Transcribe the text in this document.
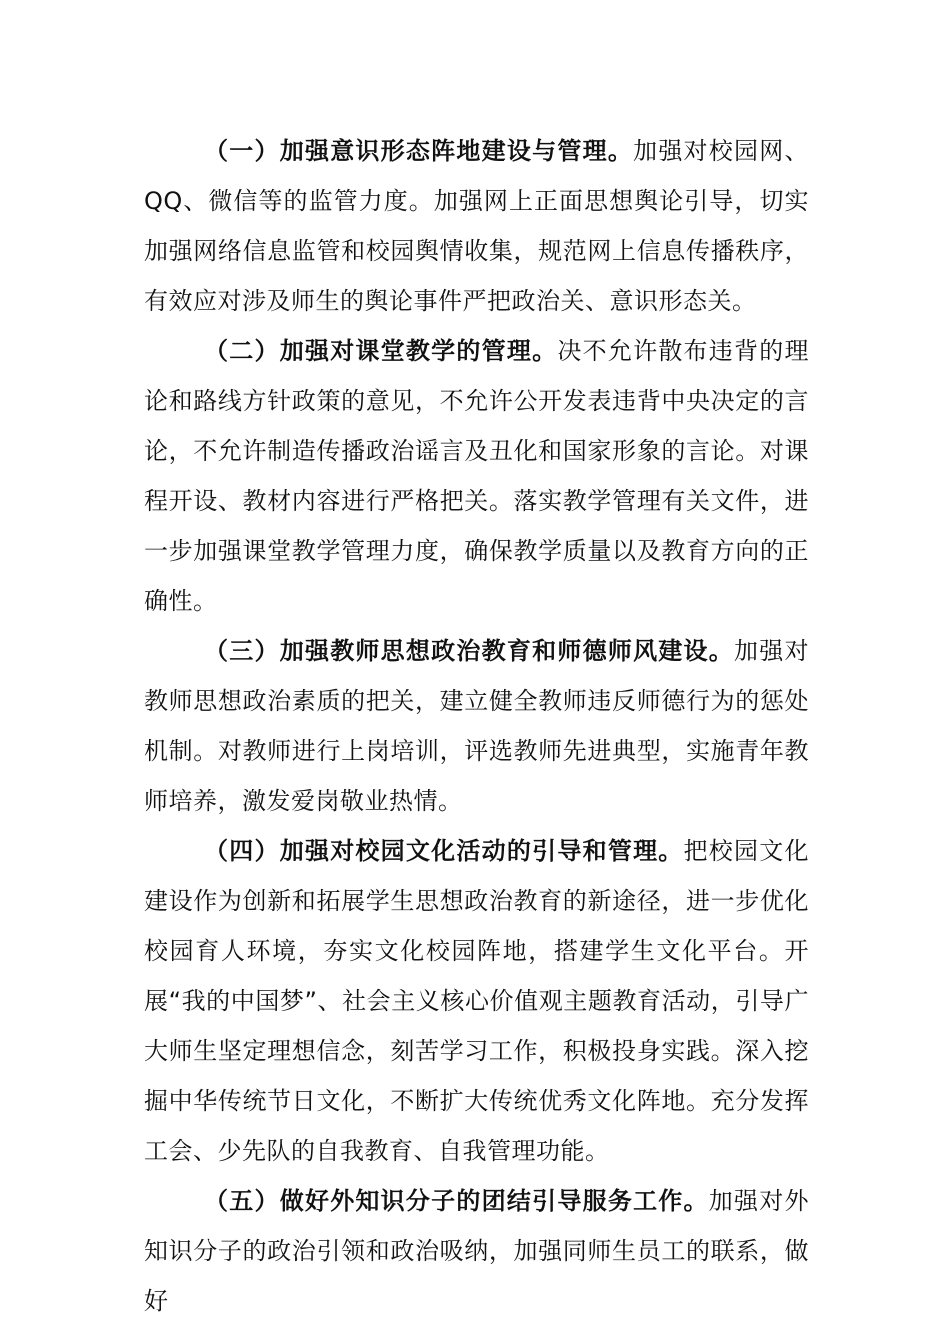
（一）加强意识形态阵地建设与管理。加强对校园网、QQ、微信等的监管力度。加强网上正面思想舆论引导，切实加强网络信息监管和校园舆情收集，规范网上信息传播秩序，有效应对涉及师生的舆论事件严把政治关、意识形态关。

（二）加强对课堂教学的管理。决不允许散布违背的理论和路线方针政策的意见，不允许公开发表违背中央决定的言论，不允许制造传播政治谣言及丑化和国家形象的言论。对课程开设、教材内容进行严格把关。落实教学管理有关文件，进一步加强课堂教学管理力度，确保教学质量以及教育方向的正确性。

（三）加强教师思想政治教育和师德师风建设。加强对教师思想政治素质的把关，建立健全教师违反师德行为的惩处机制。对教师进行上岗培训，评选教师先进典型，实施青年教师培养，激发爱岗敬业热情。

（四）加强对校园文化活动的引导和管理。把校园文化建设作为创新和拓展学生思想政治教育的新途径，进一步优化校园育人环境，夯实文化校园阵地，搭建学生文化平台。开展“我的中国梦”、社会主义核心价值观主题教育活动，引导广大师生坚定理想信念，刻苦学习工作，积极投身实践。深入挖掘中华传统节日文化，不断扩大传统优秀文化阵地。充分发挥工会、少先队的自我教育、自我管理功能。

（五）做好外知识分子的团结引导服务工作。加强对外知识分子的政治引领和政治吸纳，加强同师生员工的联系，做好
